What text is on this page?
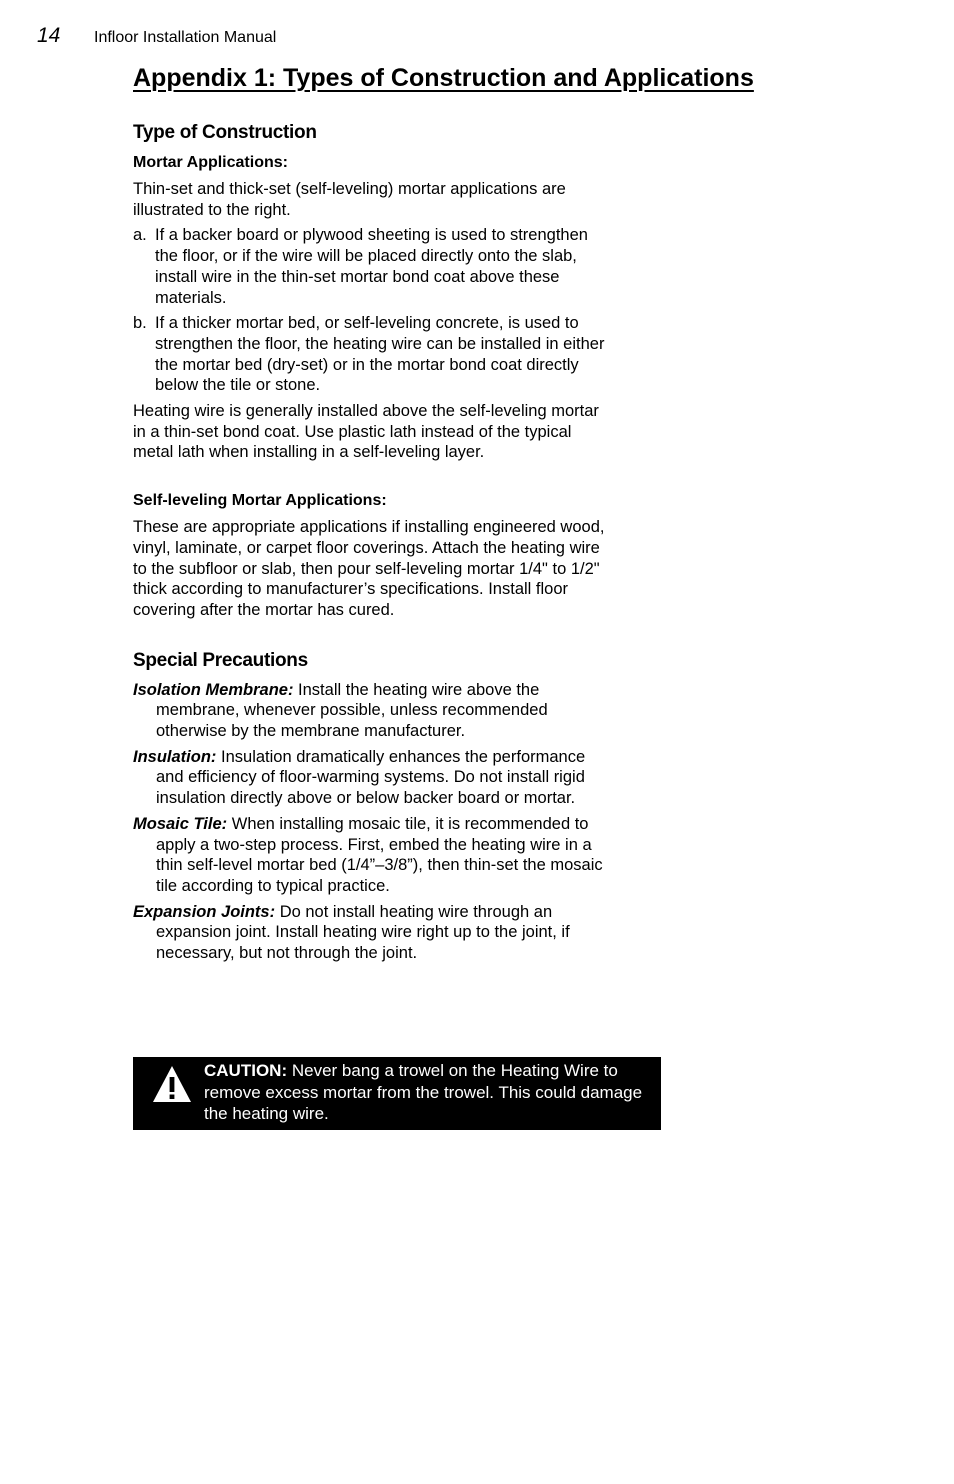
14 Infloor Installation Manual
Appendix 1: Types of Construction and Applications
Type of Construction
Mortar Applications:

Thin-set and thick-set (self-leveling) mortar applications are illustrated to the right.

a. If a backer board or plywood sheeting is used to strengthen the floor, or if the wire will be placed directly onto the slab, install wire in the thin-set mortar bond coat above these materials.
b. If a thicker mortar bed, or self-leveling concrete, is used to strengthen the floor, the heating wire can be installed in either the mortar bed (dry-set) or in the mortar bond coat directly below the tile or stone.

Heating wire is generally installed above the self-leveling mortar in a thin-set bond coat. Use plastic lath instead of the typical metal lath when installing in a self-leveling layer.

Self-leveling Mortar Applications:

These are appropriate applications if installing engineered wood, vinyl, laminate, or carpet floor coverings. Attach the heating wire to the subfloor or slab, then pour self-leveling mortar 1/4" to 1/2" thick according to manufacturer’s specifications. Install floor covering after the mortar has cured.

Special Precautions

Isolation Membrane: Install the heating wire above the membrane, whenever possible, unless recommended otherwise by the membrane manufacturer.

Insulation: Insulation dramatically enhances the performance and efficiency of floor-warming systems. Do not install rigid insulation directly above or below backer board or mortar.

Mosaic Tile: When installing mosaic tile, it is recommended to apply a two-step process. First, embed the heating wire in a thin self-level mortar bed (1/4”–3/8”), then thin-set the mosaic tile according to typical practice.

Expansion Joints: Do not install heating wire through an expansion joint. Install heating wire right up to the joint, if necessary, but not through the joint.

CAUTION: Never bang a trowel on the Heating Wire to remove excess mortar from the trowel. This could damage the heating wire.
